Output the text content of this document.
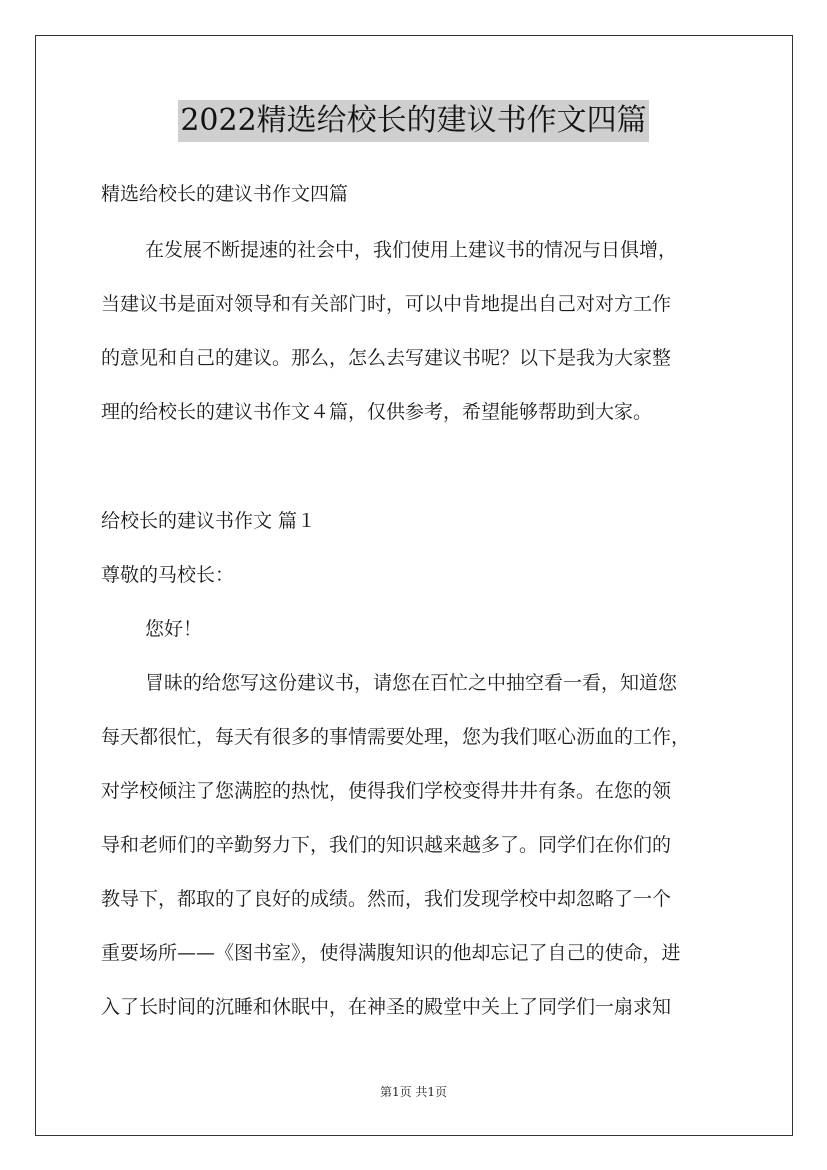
2022精选给校长的建议书作文四篇
精选给校长的建议书作文四篇
在发展不断提速的社会中，我们使用上建议书的情况与日俱增，
当建议书是面对领导和有关部门时，可以中肯地提出自己对对方工作
的意见和自己的建议。那么，怎么去写建议书呢？以下是我为大家整
理的给校长的建议书作文４篇，仅供参考，希望能够帮助到大家。
给校长的建议书作文 篇１
尊敬的马校长：
您好！
冒昧的给您写这份建议书，请您在百忙之中抽空看一看，知道您
每天都很忙，每天有很多的事情需要处理，您为我们呕心沥血的工作，
对学校倾注了您满腔的热忱，使得我们学校变得井井有条。在您的领
导和老师们的辛勤努力下，我们的知识越来越多了。同学们在你们的
教导下，都取的了良好的成绩。然而，我们发现学校中却忽略了一个
重要场所——《图书室》，使得满腹知识的他却忘记了自己的使命，进
入了长时间的沉睡和休眠中，在神圣的殿堂中关上了同学们一扇求知
第1页 共1页
